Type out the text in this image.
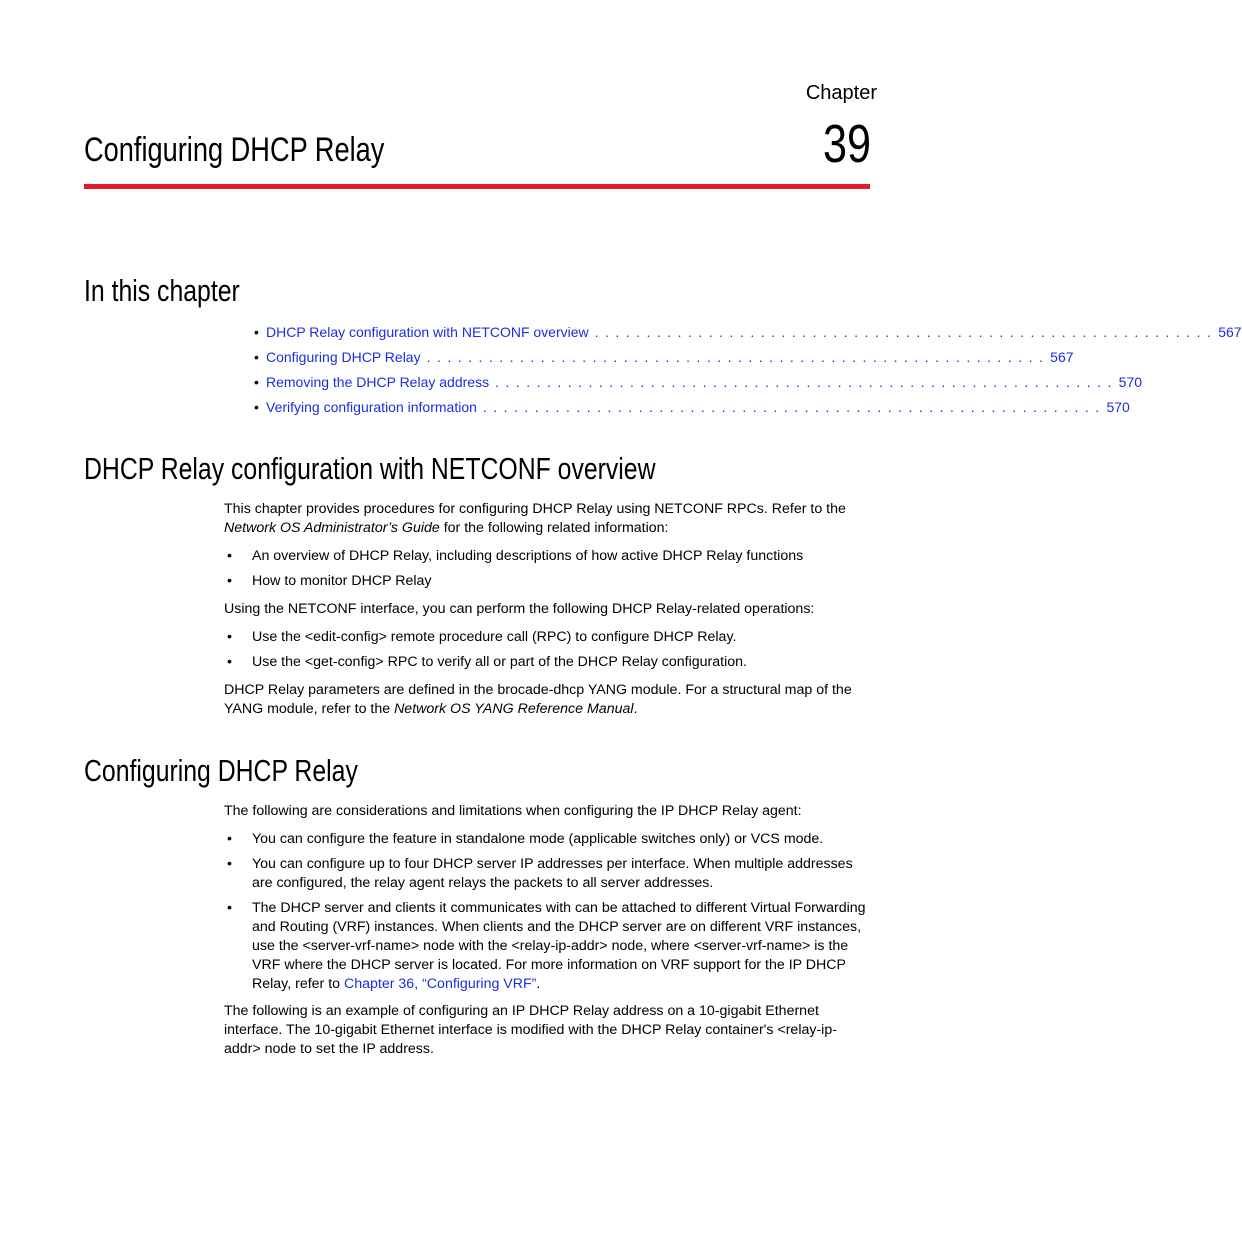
Chapter
39
Configuring DHCP Relay
In this chapter
• DHCP Relay configuration with NETCONF overview . . . . . . . . . . . . . . . . . . . . . . . . . . . . . . . . . . . . . . . . . . . . . . . . . . . . . . . . . . . . 567
• Configuring DHCP Relay . . . . . . . . . . . . . . . . . . . . . . . . . . . . . . . . . . . . . . . . . . . . . . . . . . . . . . . . . . . . 567
• Removing the DHCP Relay address . . . . . . . . . . . . . . . . . . . . . . . . . . . . . . . . . . . . . . . . . . . . . . . . . . . . . . . . . . . . 570
• Verifying configuration information . . . . . . . . . . . . . . . . . . . . . . . . . . . . . . . . . . . . . . . . . . . . . . . . . . . . . . . . . . . . 570
DHCP Relay configuration with NETCONF overview
This chapter provides procedures for configuring DHCP Relay using NETCONF RPCs. Refer to the Network OS Administrator’s Guide for the following related information:
• An overview of DHCP Relay, including descriptions of how active DHCP Relay functions
• How to monitor DHCP Relay
Using the NETCONF interface, you can perform the following DHCP Relay-related operations:
• Use the <edit-config> remote procedure call (RPC) to configure DHCP Relay.
• Use the <get-config> RPC to verify all or part of the DHCP Relay configuration.
DHCP Relay parameters are defined in the brocade-dhcp YANG module. For a structural map of the YANG module, refer to the Network OS YANG Reference Manual.
Configuring DHCP Relay
The following are considerations and limitations when configuring the IP DHCP Relay agent:
• You can configure the feature in standalone mode (applicable switches only) or VCS mode.
• You can configure up to four DHCP server IP addresses per interface. When multiple addresses are configured, the relay agent relays the packets to all server addresses.
• The DHCP server and clients it communicates with can be attached to different Virtual Forwarding and Routing (VRF) instances. When clients and the DHCP server are on different VRF instances, use the <server-vrf-name> node with the <relay-ip-addr> node, where <server-vrf-name> is the VRF where the DHCP server is located. For more information on VRF support for the IP DHCP Relay, refer to Chapter 36, “Configuring VRF”.
The following is an example of configuring an IP DHCP Relay address on a 10-gigabit Ethernet interface. The 10-gigabit Ethernet interface is modified with the DHCP Relay container's <relay-ip-addr> node to set the IP address.
